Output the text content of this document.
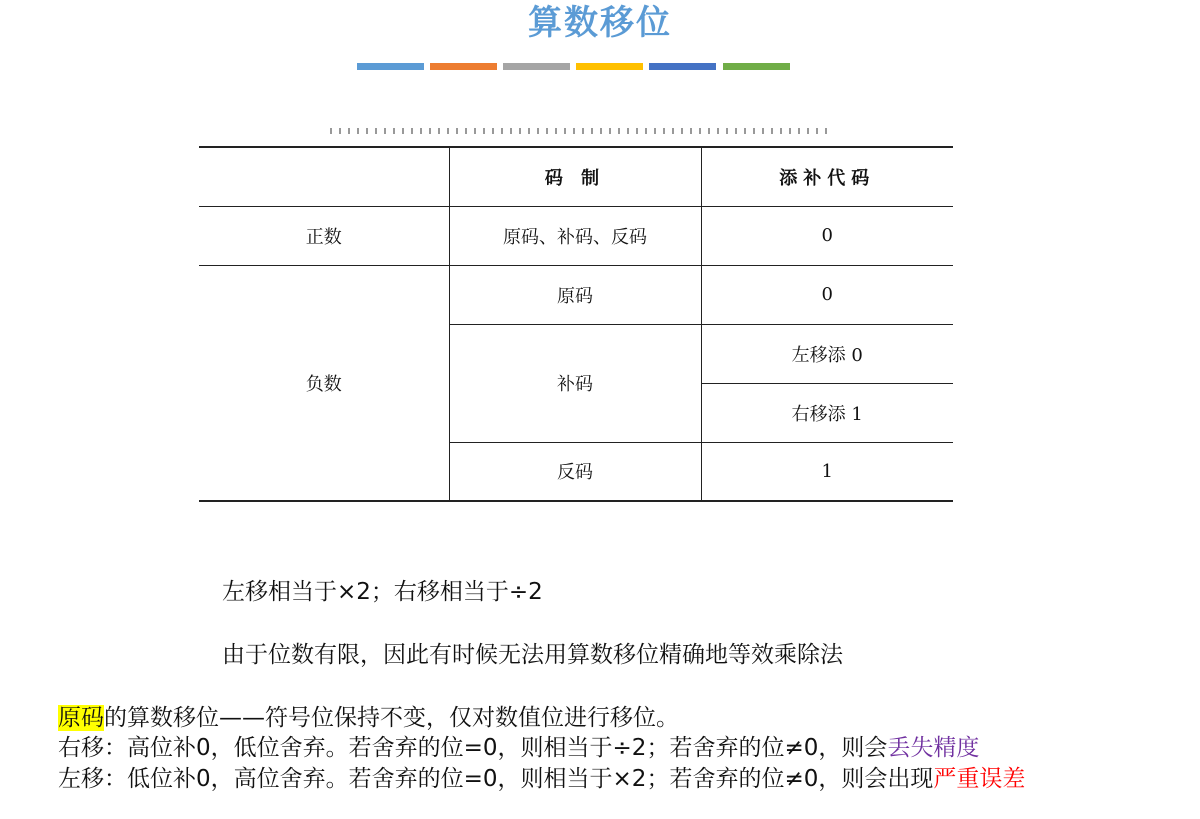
算数移位
	码 制	添补代码
正数	原码、补码、反码	0
负数	原码	0
	补码	左移添 0
		右移添 1
	反码	1
左移相当于×2；右移相当于÷2
由于位数有限，因此有时候无法用算数移位精确地等效乘除法
原码的算数移位——符号位保持不变，仅对数值位进行移位。
右移：高位补0，低位舍弃。若舍弃的位=0，则相当于÷2；若舍弃的位≠0，则会丢失精度
左移：低位补0，高位舍弃。若舍弃的位=0，则相当于×2；若舍弃的位≠0，则会出现严重误差
